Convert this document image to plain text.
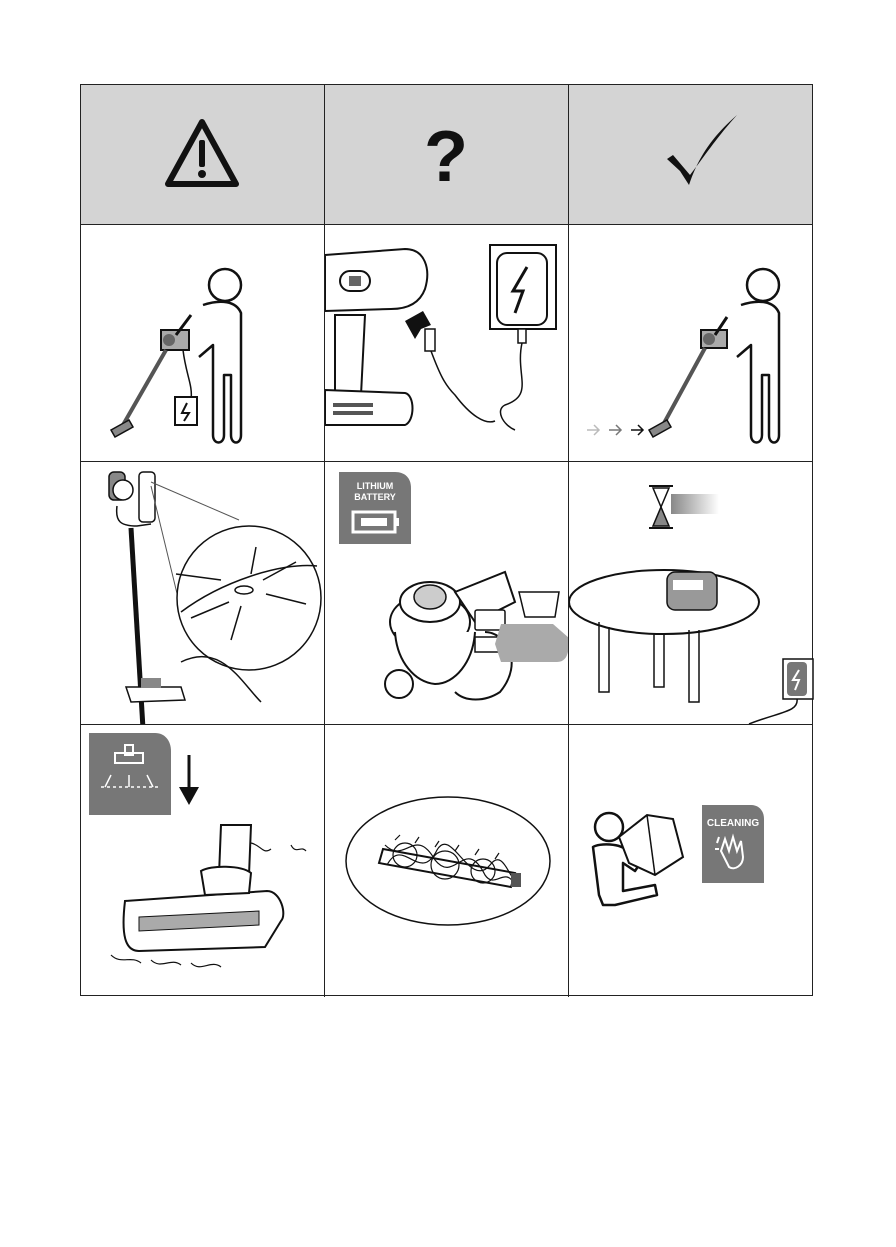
?
LITHIUM
BATTERY
CLEANING
